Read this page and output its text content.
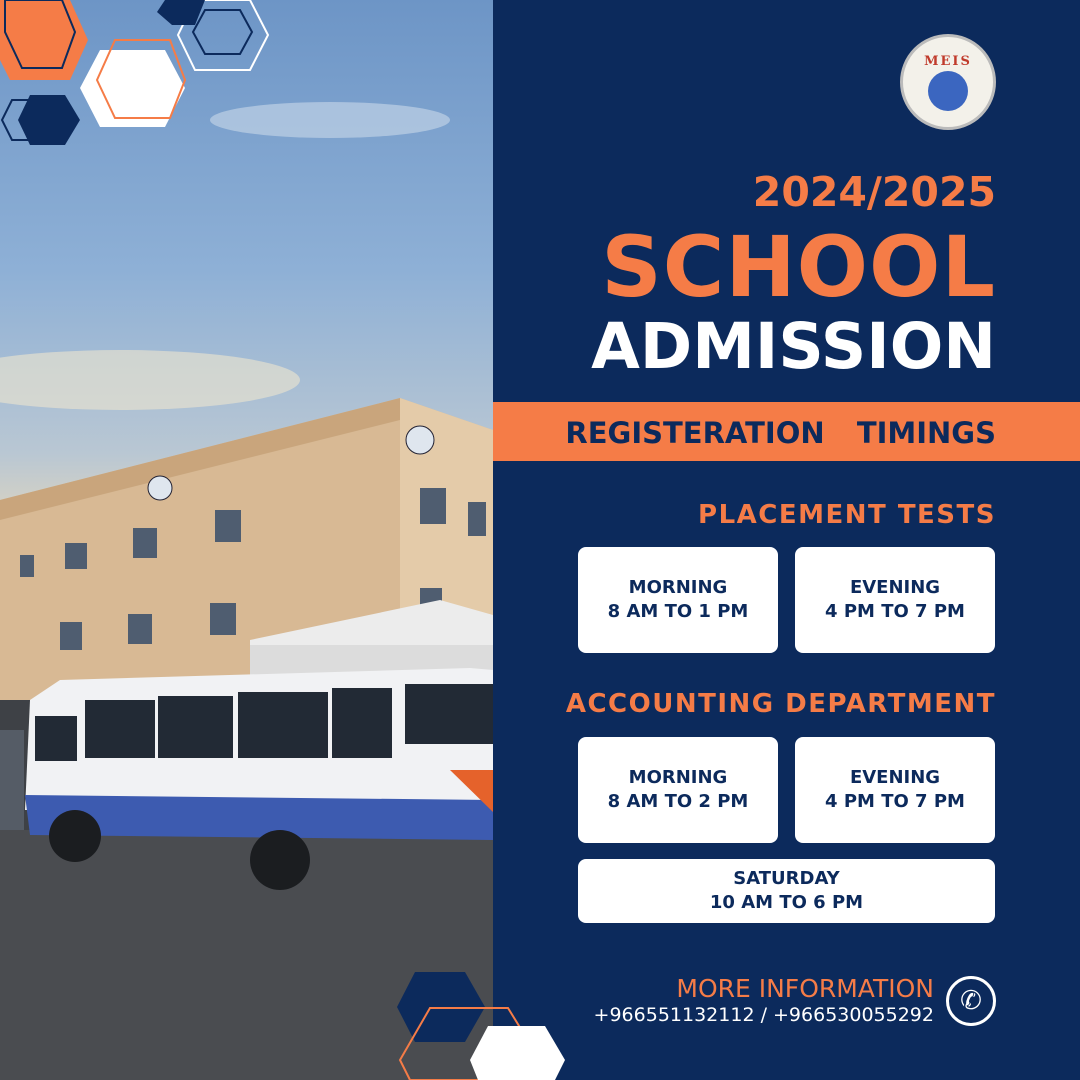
MEIS
2024/2025
SCHOOL
ADMISSION
REGISTERATION  TIMINGS
PLACEMENT TESTS
MORNING
8 AM TO 1 PM
EVENING
4 PM TO 7 PM
ACCOUNTING DEPARTMENT
MORNING
8 AM TO 2 PM
EVENING
4 PM TO 7 PM
SATURDAY
10 AM TO 6 PM
MORE INFORMATION
+966551132112 / +966530055292	✆
